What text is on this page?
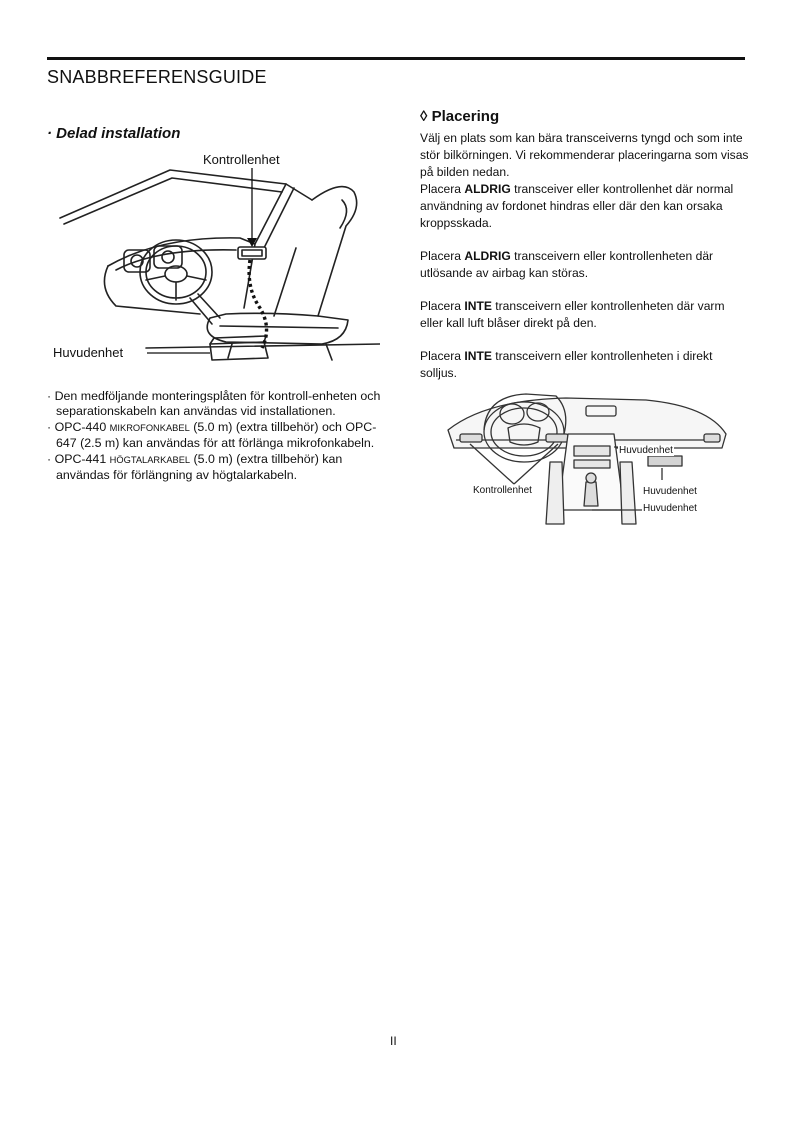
SNABBREFERENSGUIDE
· Delad installation
Kontrollenhet
Huvudenhet
· Den medföljande monteringsplåten för kontroll-enheten och separationskabeln kan användas vid installationen.
· OPC-440 MIKROFONKABEL (5.0 m) (extra tillbehör) och OPC-647 (2.5 m) kan användas för att förlänga mikrofonkabeln.
· OPC-441 HÖGTALARKABEL (5.0 m) (extra tillbehör) kan användas för förlängning av högtalarkabeln.
◊ Placering

Välj en plats som kan bära transceiverns tyngd och som inte stör bilkörningen. Vi rekommenderar placeringarna som visas på bilden nedan.

Placera ALDRIG transceiver eller kontrollenhet där normal användning av fordonet hindras eller där den kan orsaka kroppsskada.

Placera ALDRIG transceivern eller kontrollenheten där utlösande av airbag kan störas.

Placera INTE transceivern eller kontrollenheten där varm eller kall luft blåser direkt på den.

Placera INTE transceivern eller kontrollenheten i direkt solljus.

Kontrollenhet
Huvudenhet
Huvudenhet
Huvudenhet
II
